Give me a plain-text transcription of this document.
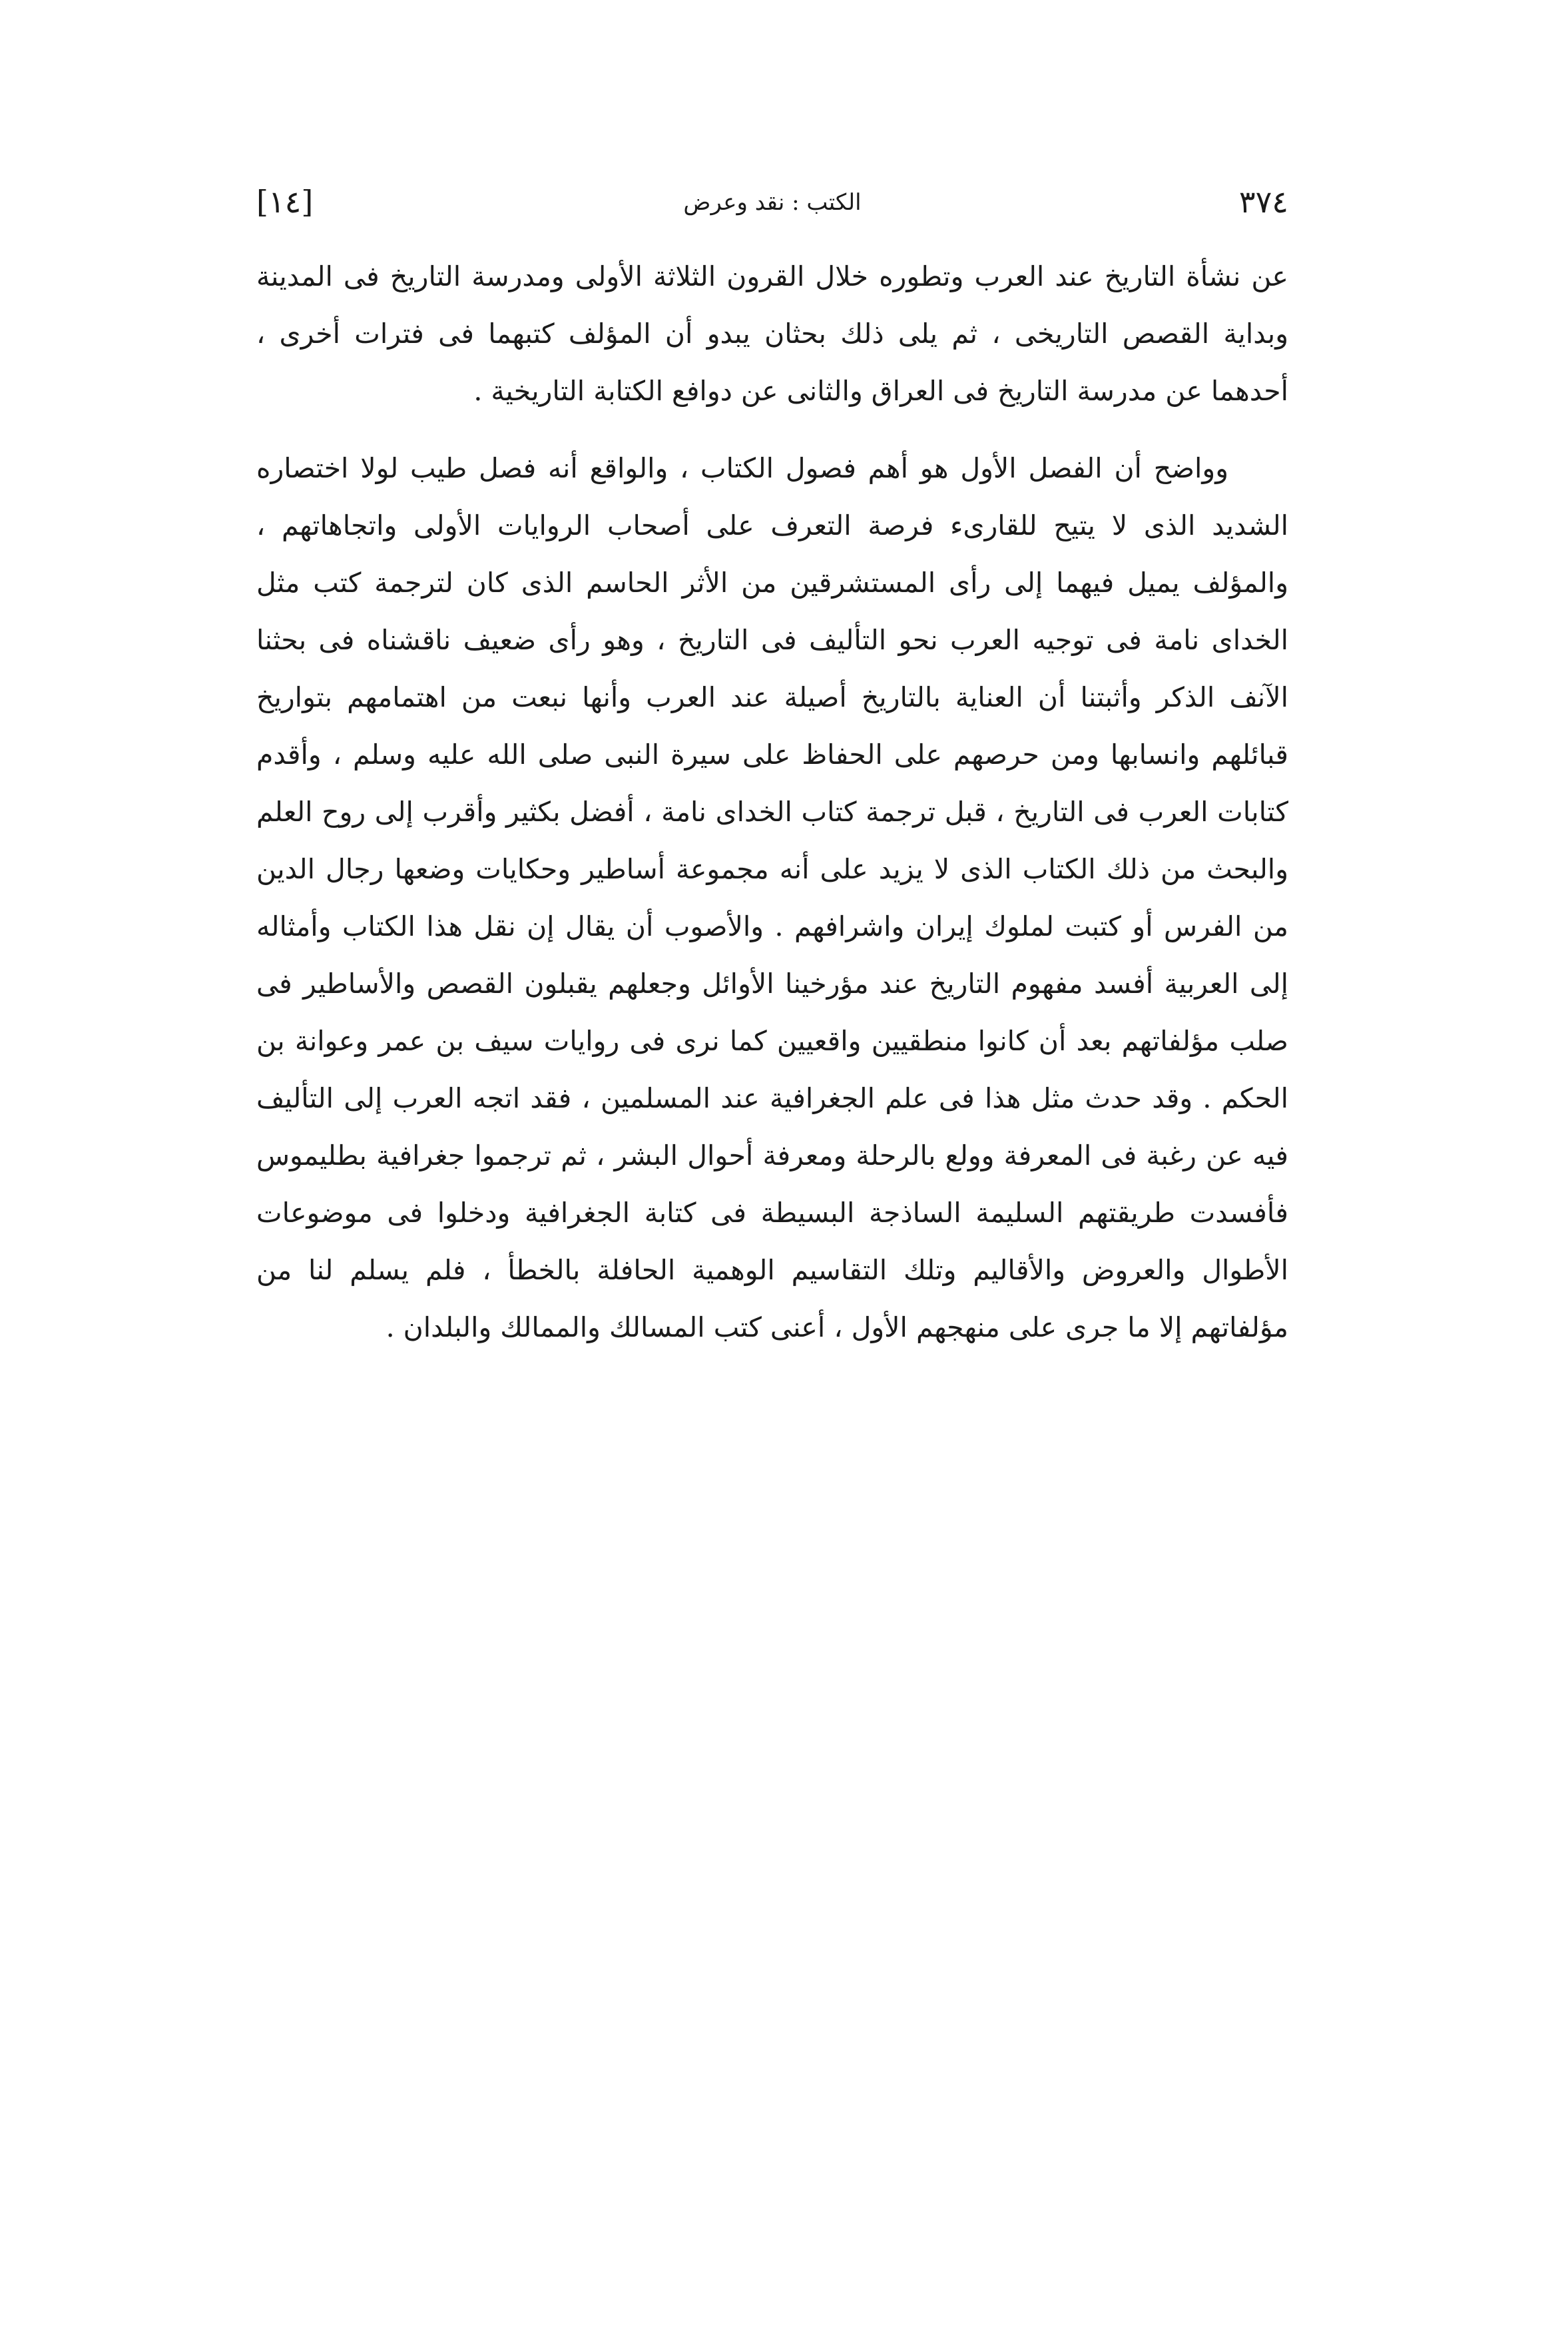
[١٤]	الكتب : نقد وعرض	٣٧٤

عن نشأة التاريخ عند العرب وتطوره خلال القرون الثلاثة الأولى ومدرسة التاريخ فى المدينة وبداية القصص التاريخى ، ثم يلى ذلك بحثان يبدو أن المؤلف كتبهما فى فترات أخرى ، أحدهما عن مدرسة التاريخ فى العراق والثانى عن دوافع الكتابة التاريخية .

وواضح أن الفصل الأول هو أهم فصول الكتاب ، والواقع أنه فصل طيب لولا اختصاره الشديد الذى لا يتيح للقارىء فرصة التعرف على أصحاب الروايات الأولى واتجاهاتهم ، والمؤلف يميل فيهما إلى رأى المستشرقين من الأثر الحاسم الذى كان لترجمة كتب مثل الخداى نامة فى توجيه العرب نحو التأليف فى التاريخ ، وهو رأى ضعيف ناقشناه فى بحثنا الآنف الذكر وأثبتنا أن العناية بالتاريخ أصيلة عند العرب وأنها نبعت من اهتمامهم بتواريخ قبائلهم وانسابها ومن حرصهم على الحفاظ على سيرة النبى صلى الله عليه وسلم ، وأقدم كتابات العرب فى التاريخ ، قبل ترجمة كتاب الخداى نامة ، أفضل بكثير وأقرب إلى روح العلم والبحث من ذلك الكتاب الذى لا يزيد على أنه مجموعة أساطير وحكايات وضعها رجال الدين من الفرس أو كتبت لملوك إيران واشرافهم . والأصوب أن يقال إن نقل هذا الكتاب وأمثاله إلى العربية أفسد مفهوم التاريخ عند مؤرخينا الأوائل وجعلهم يقبلون القصص والأساطير فى صلب مؤلفاتهم بعد أن كانوا منطقيين واقعيين كما نرى فى روايات سيف بن عمر وعوانة بن الحكم . وقد حدث مثل هذا فى علم الجغرافية عند المسلمين ، فقد اتجه العرب إلى التأليف فيه عن رغبة فى المعرفة وولع بالرحلة ومعرفة أحوال البشر ، ثم ترجموا جغرافية بطليموس فأفسدت طريقتهم السليمة الساذجة البسيطة فى كتابة الجغرافية ودخلوا فى موضوعات الأطوال والعروض والأقاليم وتلك التقاسيم الوهمية الحافلة بالخطأ ، فلم يسلم لنا من مؤلفاتهم إلا ما جرى على منهجهم الأول ، أعنى كتب المسالك والممالك والبلدان .
